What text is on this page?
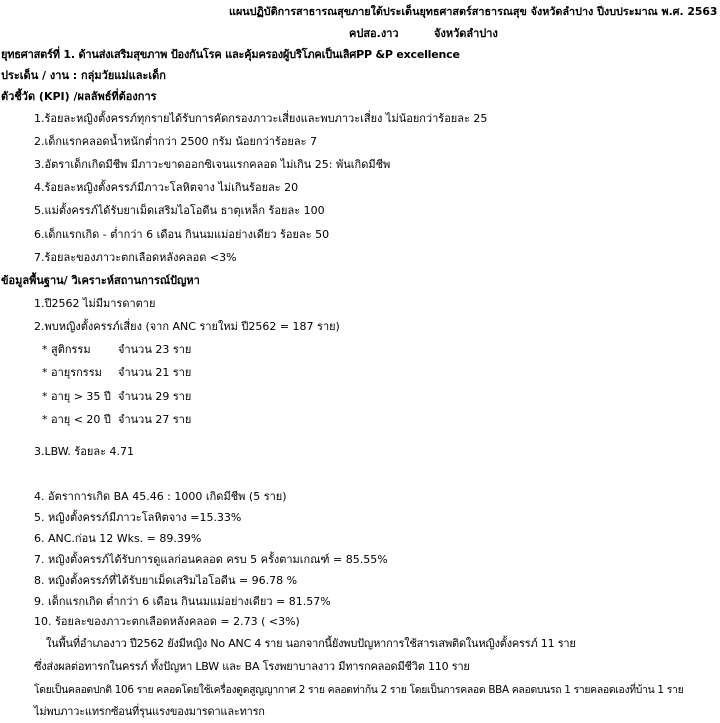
แผนปฏิบัติการสาธารณสุขภายใต้ประเด็นยุทธศาสตร์สาธารณสุข จังหวัดลำปาง ปีงบประมาณ พ.ศ. 2563
คปสอ.งาว	จังหวัดลำปาง
ยุทธศาสตร์ที่ 1. ด้านส่งเสริมสุขภาพ ป้องกันโรค และคุ้มครองผู้บริโภคเป็นเลิศPP &P excellence
ประเด็น / งาน : กลุ่มวัยแม่และเด็ก
ตัวชี้วัด (KPI) /ผลลัพธ์ที่ต้องการ
1.ร้อยละหญิงตั้งครรภ์ทุกรายได้รับการคัดกรองภาวะเสี่ยงและพบภาวะเสี่ยง ไม่น้อยกว่าร้อยละ 25
2.เด็กแรกคลอดน้ำหนักต่ำกว่า 2500 กรัม น้อยกว่าร้อยละ 7
3.อัตราเด็กเกิดมีชีพ มีภาวะขาดออกซิเจนแรกคลอด ไม่เกิน 25: พันเกิดมีชีพ
4.ร้อยละหญิงตั้งครรภ์มีภาวะโลหิตจาง ไม่เกินร้อยละ 20
5.แม่ตั้งครรภ์ได้รับยาเม็ดเสริมไอโอดีน ธาตุเหล็ก ร้อยละ 100
6.เด็กแรกเกิด - ต่ำกว่า 6 เดือน กินนมแม่อย่างเดียว ร้อยละ 50
7.ร้อยละของภาวะตกเลือดหลังคลอด <3%
ข้อมูลพื้นฐาน/ วิเคราะห์สถานการณ์ปัญหา
1.ปี2562 ไม่มีมารดาตาย
2.พบหญิงตั้งครรภ์เสี่ยง (จาก ANC รายใหม่ ปี2562 = 187 ราย)
* สูติกรรม จำนวน 23 ราย
* อายุรกรรม จำนวน 21 ราย
* อายุ > 35 ปี จำนวน 29 ราย
* อายุ < 20 ปี จำนวน 27 ราย
3.LBW. ร้อยละ 4.71
4. อัตราการเกิด BA 45.46 : 1000 เกิดมีชีพ (5 ราย)
5. หญิงตั้งครรภ์มีภาวะโลหิตจาง =15.33%
6. ANC.ก่อน 12 Wks. = 89.39%
7. หญิงตั้งครรภ์ได้รับการดูแลก่อนคลอด ครบ 5 ครั้งตามเกณฑ์ = 85.55%
8. หญิงตั้งครรภ์ที่ได้รับยาเม็ดเสริมไอโอดีน = 96.78 %
9. เด็กแรกเกิด ต่ำกว่า 6 เดือน กินนมแม่อย่างเดียว = 81.57%
10. ร้อยละของภาวะตกเลือดหลังคลอด = 2.73 ( <3%)
ในพื้นที่อำเภองาว ปี2562 ยังมีหญิง No ANC 4 ราย นอกจากนี้ยังพบปัญหาการใช้สารเสพติดในหญิงตั้งครรภ์ 11 ราย
ซึ่งส่งผลต่อทารกในครรภ์ ทั้งปัญหา LBW และ BA โรงพยาบาลงาว มีทารกคลอดมีชีวิต 110 ราย
โดยเป็นคลอดปกติ 106 ราย คลอดโดยใช้เครื่องดูดสูญญากาศ 2 ราย คลอดท่าก้น 2 ราย โดยเป็นการคลอด BBA คลอดบนรถ 1 รายคลอดเองที่บ้าน 1 ราย
ไม่พบภาวะแทรกซ้อนที่รุนแรงของมารดาและทารก
